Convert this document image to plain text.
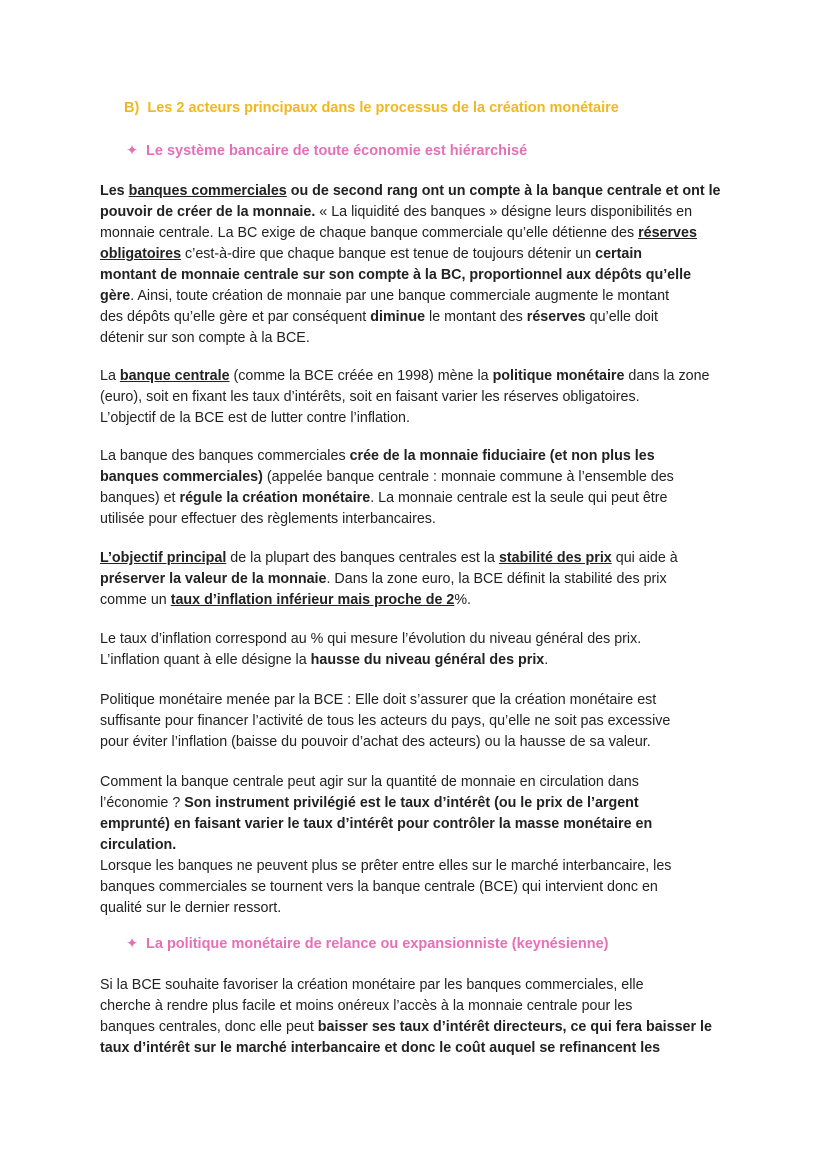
B) Les 2 acteurs principaux dans le processus de la création monétaire
✦ Le système bancaire de toute économie est hiérarchisé
Les banques commerciales ou de second rang ont un compte à la banque centrale et ont le
pouvoir de créer de la monnaie. « La liquidité des banques » désigne leurs disponibilités en
monnaie centrale. La BC exige de chaque banque commerciale qu’elle détienne des réserves
obligatoires c’est-à-dire que chaque banque est tenue de toujours détenir un certain
montant de monnaie centrale sur son compte à la BC, proportionnel aux dépôts qu’elle
gère. Ainsi, toute création de monnaie par une banque commerciale augmente le montant
des dépôts qu’elle gère et par conséquent diminue le montant des réserves qu’elle doit
détenir sur son compte à la BCE.
La banque centrale (comme la BCE créée en 1998) mène la politique monétaire dans la zone
(euro), soit en fixant les taux d’intérêts, soit en faisant varier les réserves obligatoires.
L’objectif de la BCE est de lutter contre l’inflation.
La banque des banques commerciales crée de la monnaie fiduciaire (et non plus les
banques commerciales) (appelée banque centrale : monnaie commune à l’ensemble des
banques) et régule la création monétaire. La monnaie centrale est la seule qui peut être
utilisée pour effectuer des règlements interbancaires.
L’objectif principal de la plupart des banques centrales est la stabilité des prix qui aide à
préserver la valeur de la monnaie. Dans la zone euro, la BCE définit la stabilité des prix
comme un taux d’inflation inférieur mais proche de 2%.
Le taux d’inflation correspond au % qui mesure l’évolution du niveau général des prix.
L’inflation quant à elle désigne la hausse du niveau général des prix.
Politique monétaire menée par la BCE : Elle doit s’assurer que la création monétaire est
suffisante pour financer l’activité de tous les acteurs du pays, qu’elle ne soit pas excessive
pour éviter l’inflation (baisse du pouvoir d’achat des acteurs) ou la hausse de sa valeur.
Comment la banque centrale peut agir sur la quantité de monnaie en circulation dans
l’économie ? Son instrument privilégié est le taux d’intérêt (ou le prix de l’argent
emprunté) en faisant varier le taux d’intérêt pour contrôler la masse monétaire en
circulation.
Lorsque les banques ne peuvent plus se prêter entre elles sur le marché interbancaire, les
banques commerciales se tournent vers la banque centrale (BCE) qui intervient donc en
qualité sur le dernier ressort.
✦ La politique monétaire de relance ou expansionniste (keynésienne)
Si la BCE souhaite favoriser la création monétaire par les banques commerciales, elle
cherche à rendre plus facile et moins onéreux l’accès à la monnaie centrale pour les
banques centrales, donc elle peut baisser ses taux d’intérêt directeurs, ce qui fera baisser le
taux d’intérêt sur le marché interbancaire et donc le coût auquel se refinancent les
